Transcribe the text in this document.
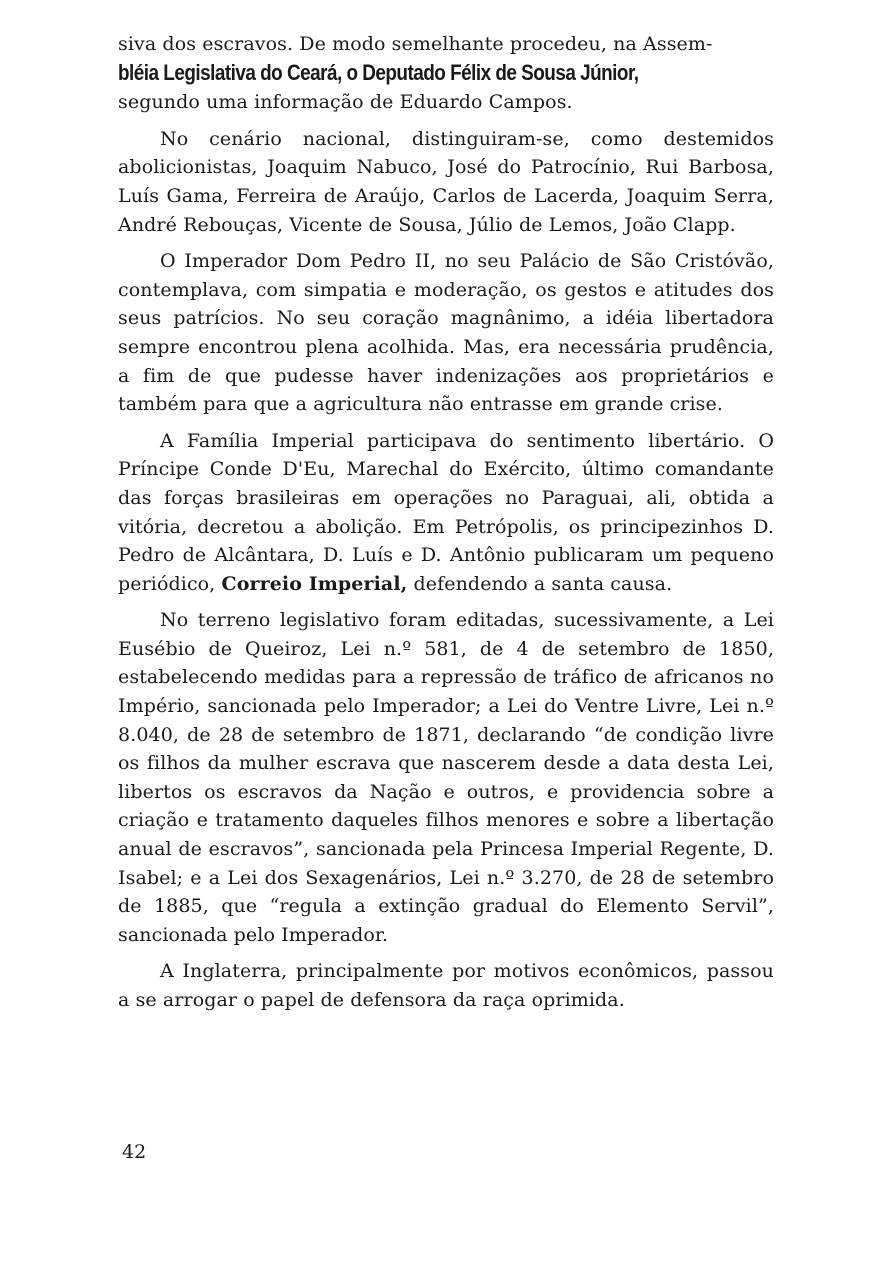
siva dos escravos. De modo semelhante procedeu, na Assem-
bléia Legislativa do Ceará, o Deputado Félix de Sousa Júnior,
segundo uma informação de Eduardo Campos.

No cenário nacional, distinguiram-se, como destemidos abolicionistas, Joaquim Nabuco, José do Patrocínio, Rui Barbosa, Luís Gama, Ferreira de Araújo, Carlos de Lacerda, Joaquim Serra, André Rebouças, Vicente de Sousa, Júlio de Lemos, João Clapp.

O Imperador Dom Pedro II, no seu Palácio de São Cristóvão, contemplava, com simpatia e moderação, os gestos e atitudes dos seus patrícios. No seu coração magnânimo, a idéia libertadora sempre encontrou plena acolhida. Mas, era necessária prudência, a fim de que pudesse haver indenizações aos proprietários e também para que a agricultura não entrasse em grande crise.

A Família Imperial participava do sentimento libertário. O Príncipe Conde D'Eu, Marechal do Exército, último comandante das forças brasileiras em operações no Paraguai, ali, obtida a vitória, decretou a abolição. Em Petrópolis, os principezinhos D. Pedro de Alcântara, D. Luís e D. Antônio publicaram um pequeno periódico, Correio Imperial, defendendo a santa causa.

No terreno legislativo foram editadas, sucessivamente, a Lei Eusébio de Queiroz, Lei n.º 581, de 4 de setembro de 1850, estabelecendo medidas para a repressão de tráfico de africanos no Império, sancionada pelo Imperador; a Lei do Ventre Livre, Lei n.º 8.040, de 28 de setembro de 1871, declarando “de condição livre os filhos da mulher escrava que nascerem desde a data desta Lei, libertos os escravos da Nação e outros, e providencia sobre a criação e tratamento daqueles filhos menores e sobre a libertação anual de escravos”, sancionada pela Princesa Imperial Regente, D. Isabel; e a Lei dos Sexagenários, Lei n.º 3.270, de 28 de setembro de 1885, que “regula a extinção gradual do Elemento Servil”, sancionada pelo Imperador.

A Inglaterra, principalmente por motivos econômicos, passou a se arrogar o papel de defensora da raça oprimida.

42
